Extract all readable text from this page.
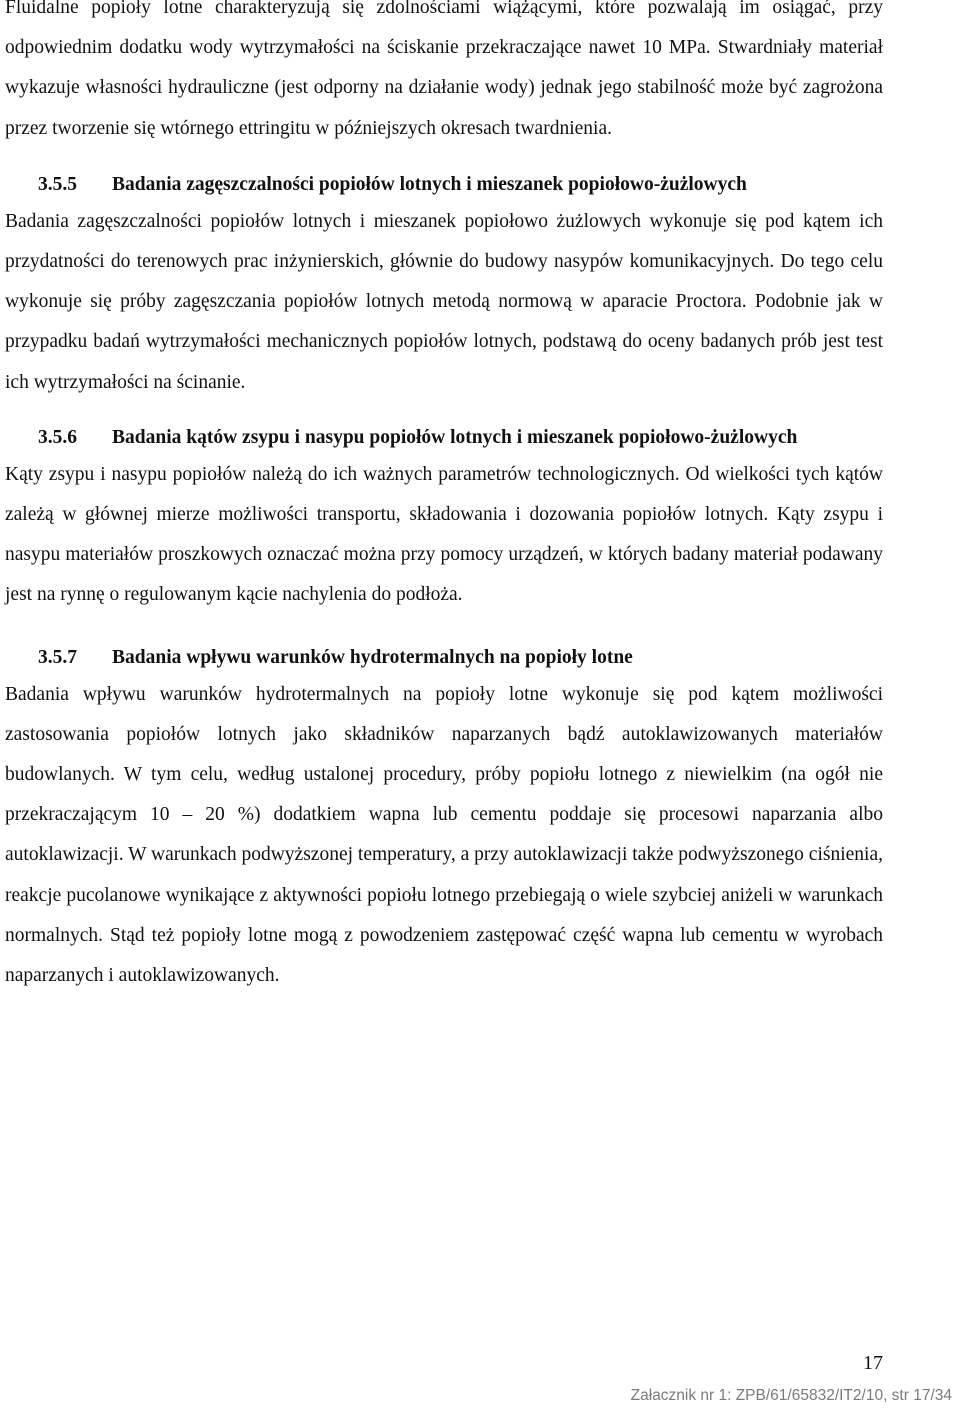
Fluidalne popioły lotne charakteryzują się zdolnościami wiążącymi, które pozwalają im osiągać, przy odpowiednim dodatku wody wytrzymałości na ściskanie przekraczające nawet 10 MPa. Stwardniały materiał wykazuje własności hydrauliczne (jest odporny na działanie wody) jednak jego stabilność może być zagrożona przez tworzenie się wtórnego ettringitu w późniejszych okresach twardnienia.

3.5.5	Badania zagęszczalności popiołów lotnych i mieszanek popiołowo-żużlowych

Badania zagęszczalności popiołów lotnych i mieszanek popiołowo żużlowych wykonuje się pod kątem ich przydatności do terenowych prac inżynierskich, głównie do budowy nasypów komunikacyjnych. Do tego celu wykonuje się próby zagęszczania popiołów lotnych metodą normową w aparacie Proctora. Podobnie jak w przypadku badań wytrzymałości mechanicznych popiołów lotnych, podstawą do oceny badanych prób jest test ich wytrzymałości na ścinanie.

3.5.6	Badania kątów zsypu i nasypu popiołów lotnych i mieszanek popiołowo-żużlowych

Kąty zsypu i nasypu popiołów należą do ich ważnych parametrów technologicznych. Od wielkości tych kątów zależą w głównej mierze możliwości transportu, składowania i dozowania popiołów lotnych. Kąty zsypu i nasypu materiałów proszkowych oznaczać można przy pomocy urządzeń, w których badany materiał podawany jest na rynnę o regulowanym kącie nachylenia do podłoża.

3.5.7	Badania wpływu warunków hydrotermalnych na popioły lotne

Badania wpływu warunków hydrotermalnych na popioły lotne wykonuje się pod kątem możliwości zastosowania popiołów lotnych jako składników naparzanych bądź autoklawizowanych materiałów budowlanych. W tym celu, według ustalonej procedury, próby popiołu lotnego z niewielkim (na ogół nie przekraczającym 10 – 20 %) dodatkiem wapna lub cementu poddaje się procesowi naparzania albo autoklawizacji. W warunkach podwyższonej temperatury, a przy autoklawizacji także podwyższonego ciśnienia, reakcje pucolanowe wynikające z aktywności popiołu lotnego przebiegają o wiele szybciej aniżeli w warunkach normalnych. Stąd też popioły lotne mogą z powodzeniem zastępować część wapna lub cementu w wyrobach naparzanych i autoklawizowanych.

17
Załacznik nr 1: ZPB/61/65832/IT2/10, str 17/34
